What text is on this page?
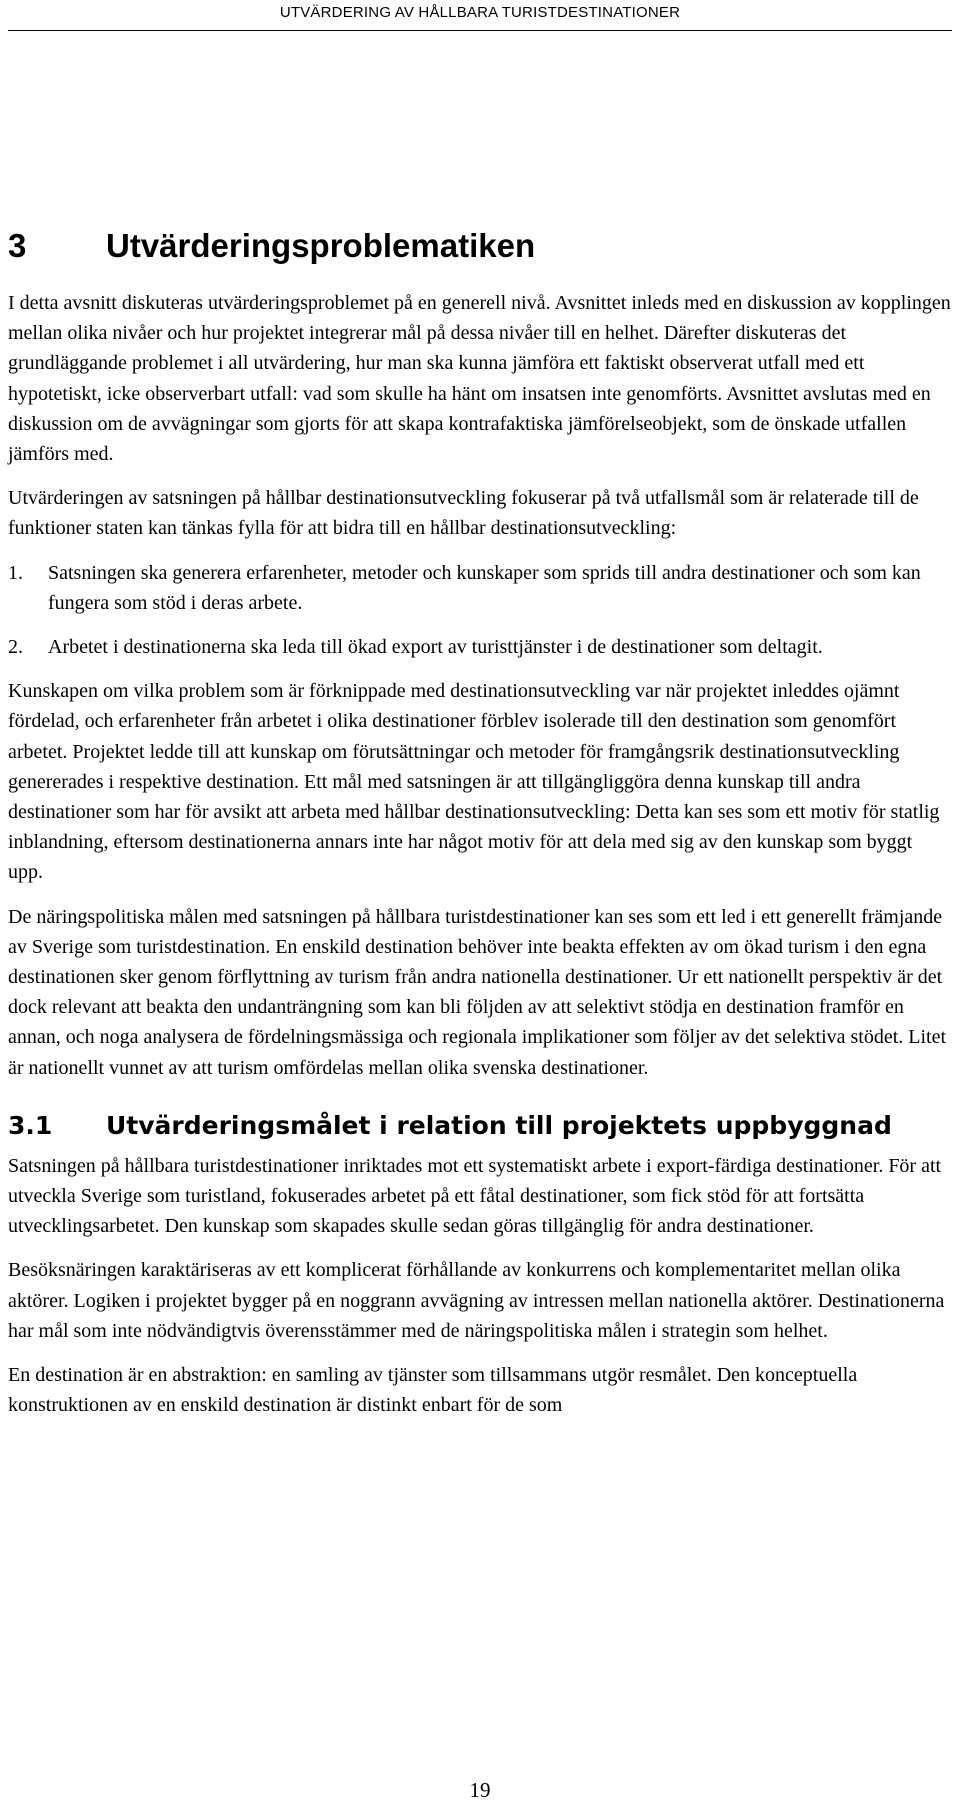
UTVÄRDERING AV HÅLLBARA TURISTDESTINATIONER
3	Utvärderingsproblematiken

I detta avsnitt diskuteras utvärderingsproblemet på en generell nivå. Avsnittet inleds med en diskussion av kopplingen mellan olika nivåer och hur projektet integrerar mål på dessa nivåer till en helhet. Därefter diskuteras det grundläggande problemet i all utvärdering, hur man ska kunna jämföra ett faktiskt observerat utfall med ett hypotetiskt, icke observerbart utfall: vad som skulle ha hänt om insatsen inte genomförts. Avsnittet avslutas med en diskussion om de avvägningar som gjorts för att skapa kontrafaktiska jämförelseobjekt, som de önskade utfallen jämförs med.

Utvärderingen av satsningen på hållbar destinationsutveckling fokuserar på två utfallsmål som är relaterade till de funktioner staten kan tänkas fylla för att bidra till en hållbar destinationsutveckling:

1.	Satsningen ska generera erfarenheter, metoder och kunskaper som sprids till andra destinationer och som kan fungera som stöd i deras arbete.
2.	Arbetet i destinationerna ska leda till ökad export av turisttjänster i de destinationer som deltagit.

Kunskapen om vilka problem som är förknippade med destinationsutveckling var när projektet inleddes ojämnt fördelad, och erfarenheter från arbetet i olika destinationer förblev isolerade till den destination som genomfört arbetet. Projektet ledde till att kunskap om förutsättningar och metoder för framgångsrik destinationsutveckling genererades i respektive destination. Ett mål med satsningen är att tillgängliggöra denna kunskap till andra destinationer som har för avsikt att arbeta med hållbar destinationsutveckling: Detta kan ses som ett motiv för statlig inblandning, eftersom destinationerna annars inte har något motiv för att dela med sig av den kunskap som byggt upp.

De näringspolitiska målen med satsningen på hållbara turistdestinationer kan ses som ett led i ett generellt främjande av Sverige som turistdestination. En enskild destination behöver inte beakta effekten av om ökad turism i den egna destinationen sker genom förflyttning av turism från andra nationella destinationer. Ur ett nationellt perspektiv är det dock relevant att beakta den undanträngning som kan bli följden av att selektivt stödja en destination framför en annan, och noga analysera de fördelningsmässiga och regionala implikationer som följer av det selektiva stödet. Litet är nationellt vunnet av att turism omfördelas mellan olika svenska destinationer.

3.1	Utvärderingsmålet i relation till projektets uppbyggnad

Satsningen på hållbara turistdestinationer inriktades mot ett systematiskt arbete i export-färdiga destinationer. För att utveckla Sverige som turistland, fokuserades arbetet på ett fåtal destinationer, som fick stöd för att fortsätta utvecklingsarbetet. Den kunskap som skapades skulle sedan göras tillgänglig för andra destinationer.

Besöksnäringen karaktäriseras av ett komplicerat förhållande av konkurrens och komplementaritet mellan olika aktörer. Logiken i projektet bygger på en noggrann avvägning av intressen mellan nationella aktörer. Destinationerna har mål som inte nödvändigtvis överensstämmer med de näringspolitiska målen i strategin som helhet.

En destination är en abstraktion: en samling av tjänster som tillsammans utgör resmålet. Den konceptuella konstruktionen av en enskild destination är distinkt enbart för de som

19
